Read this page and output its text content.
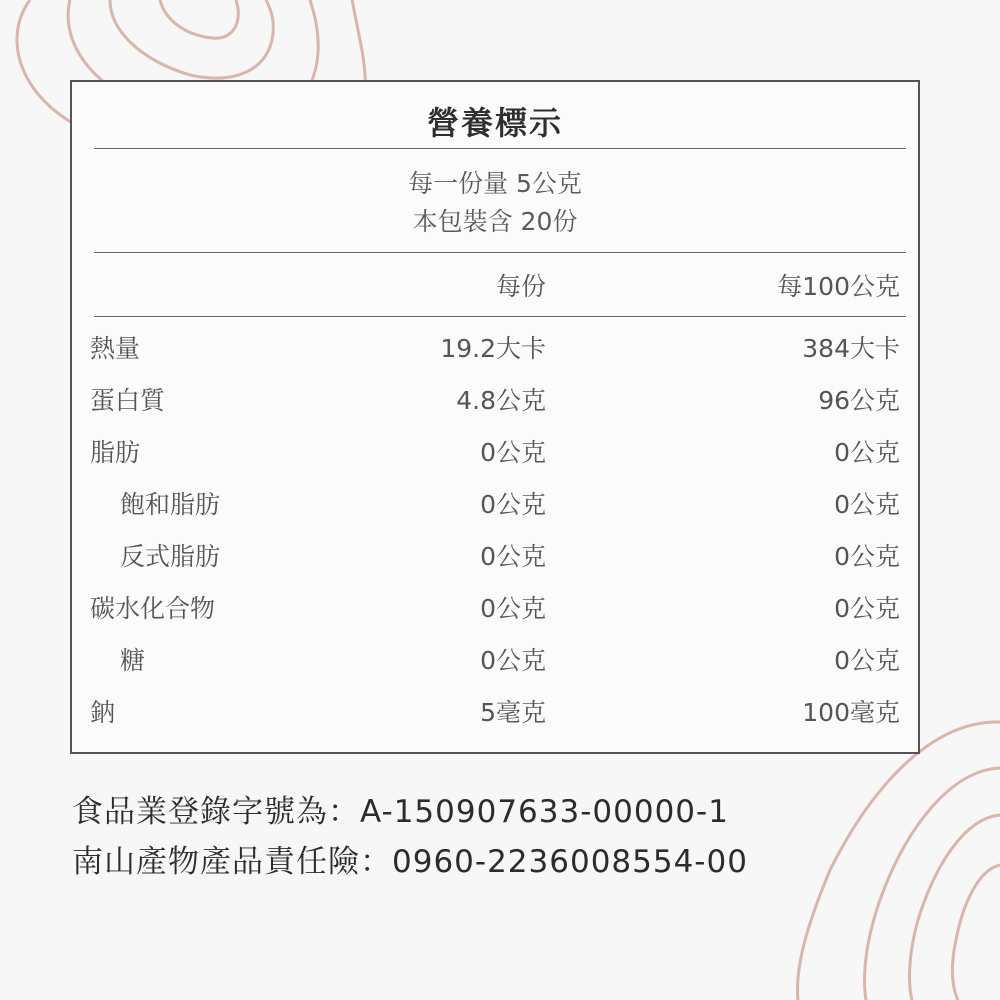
營養標示
每一份量 5公克
本包裝含 20份
每份	每100公克
熱量	19.2大卡	384大卡
蛋白質	4.8公克	96公克
脂肪	0公克	0公克
飽和脂肪	0公克	0公克
反式脂肪	0公克	0公克
碳水化合物	0公克	0公克
糖	0公克	0公克
鈉	5毫克	100毫克
食品業登錄字號為：A-150907633-00000-1
南山產物產品責任險：0960-2236008554-00
